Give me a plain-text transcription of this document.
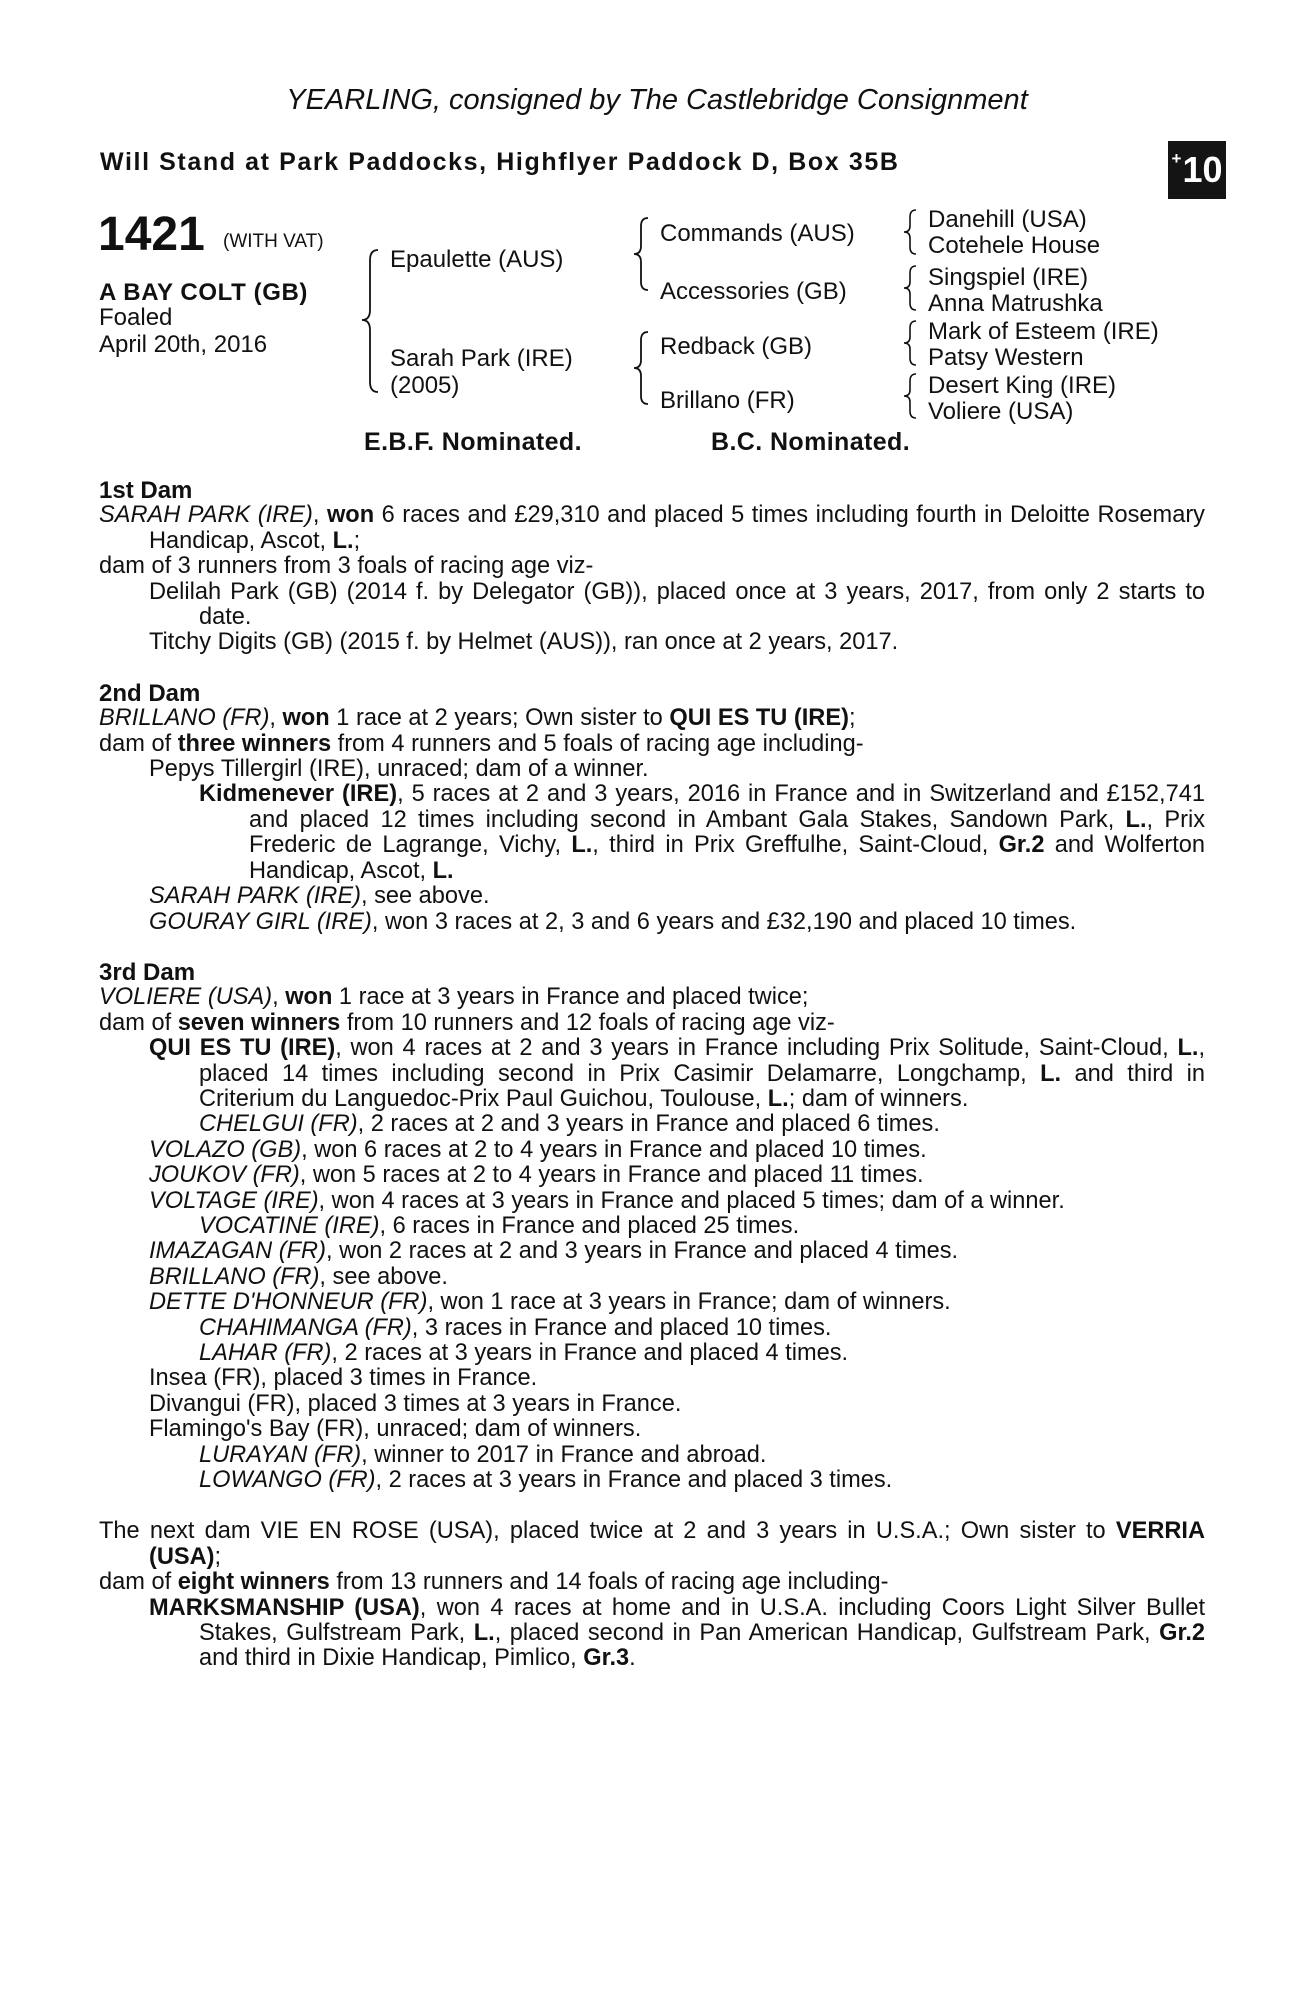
YEARLING, consigned by The Castlebridge Consignment
Will Stand at Park Paddocks, Highflyer Paddock D, Box 35B	+ 10
1421 (WITH VAT)
A BAY COLT (GB)
Foaled
April 20th, 2016
Epaulette (AUS)
Sarah Park (IRE)
(2005)
Commands (AUS)
Accessories (GB)
Redback (GB)
Brillano (FR)
Danehill (USA)
Cotehele House
Singspiel (IRE)
Anna Matrushka
Mark of Esteem (IRE)
Patsy Western
Desert King (IRE)
Voliere (USA)
E.B.F. Nominated.	B.C. Nominated.
1st Dam
SARAH PARK (IRE), won 6 races and £29,310 and placed 5 times including fourth in Deloitte Rosemary Handicap, Ascot, L.;
dam of 3 runners from 3 foals of racing age viz-
Delilah Park (GB) (2014 f. by Delegator (GB)), placed once at 3 years, 2017, from only 2 starts to date.
Titchy Digits (GB) (2015 f. by Helmet (AUS)), ran once at 2 years, 2017.
2nd Dam
BRILLANO (FR), won 1 race at 2 years; Own sister to QUI ES TU (IRE);
dam of three winners from 4 runners and 5 foals of racing age including-
Pepys Tillergirl (IRE), unraced; dam of a winner.
Kidmenever (IRE), 5 races at 2 and 3 years, 2016 in France and in Switzerland and £152,741 and placed 12 times including second in Ambant Gala Stakes, Sandown Park, L., Prix Frederic de Lagrange, Vichy, L., third in Prix Greffulhe, Saint-Cloud, Gr.2 and Wolferton Handicap, Ascot, L.
SARAH PARK (IRE), see above.
GOURAY GIRL (IRE), won 3 races at 2, 3 and 6 years and £32,190 and placed 10 times.
3rd Dam
VOLIERE (USA), won 1 race at 3 years in France and placed twice;
dam of seven winners from 10 runners and 12 foals of racing age viz-
QUI ES TU (IRE), won 4 races at 2 and 3 years in France including Prix Solitude, Saint-Cloud, L., placed 14 times including second in Prix Casimir Delamarre, Longchamp, L. and third in Criterium du Languedoc-Prix Paul Guichou, Toulouse, L.; dam of winners.
CHELGUI (FR), 2 races at 2 and 3 years in France and placed 6 times.
VOLAZO (GB), won 6 races at 2 to 4 years in France and placed 10 times.
JOUKOV (FR), won 5 races at 2 to 4 years in France and placed 11 times.
VOLTAGE (IRE), won 4 races at 3 years in France and placed 5 times; dam of a winner.
VOCATINE (IRE), 6 races in France and placed 25 times.
IMAZAGAN (FR), won 2 races at 2 and 3 years in France and placed 4 times.
BRILLANO (FR), see above.
DETTE D'HONNEUR (FR), won 1 race at 3 years in France; dam of winners.
CHAHIMANGA (FR), 3 races in France and placed 10 times.
LAHAR (FR), 2 races at 3 years in France and placed 4 times.
Insea (FR), placed 3 times in France.
Divangui (FR), placed 3 times at 3 years in France.
Flamingo's Bay (FR), unraced; dam of winners.
LURAYAN (FR), winner to 2017 in France and abroad.
LOWANGO (FR), 2 races at 3 years in France and placed 3 times.
The next dam VIE EN ROSE (USA), placed twice at 2 and 3 years in U.S.A.; Own sister to VERRIA (USA);
dam of eight winners from 13 runners and 14 foals of racing age including-
MARKSMANSHIP (USA), won 4 races at home and in U.S.A. including Coors Light Silver Bullet Stakes, Gulfstream Park, L., placed second in Pan American Handicap, Gulfstream Park, Gr.2 and third in Dixie Handicap, Pimlico, Gr.3.
